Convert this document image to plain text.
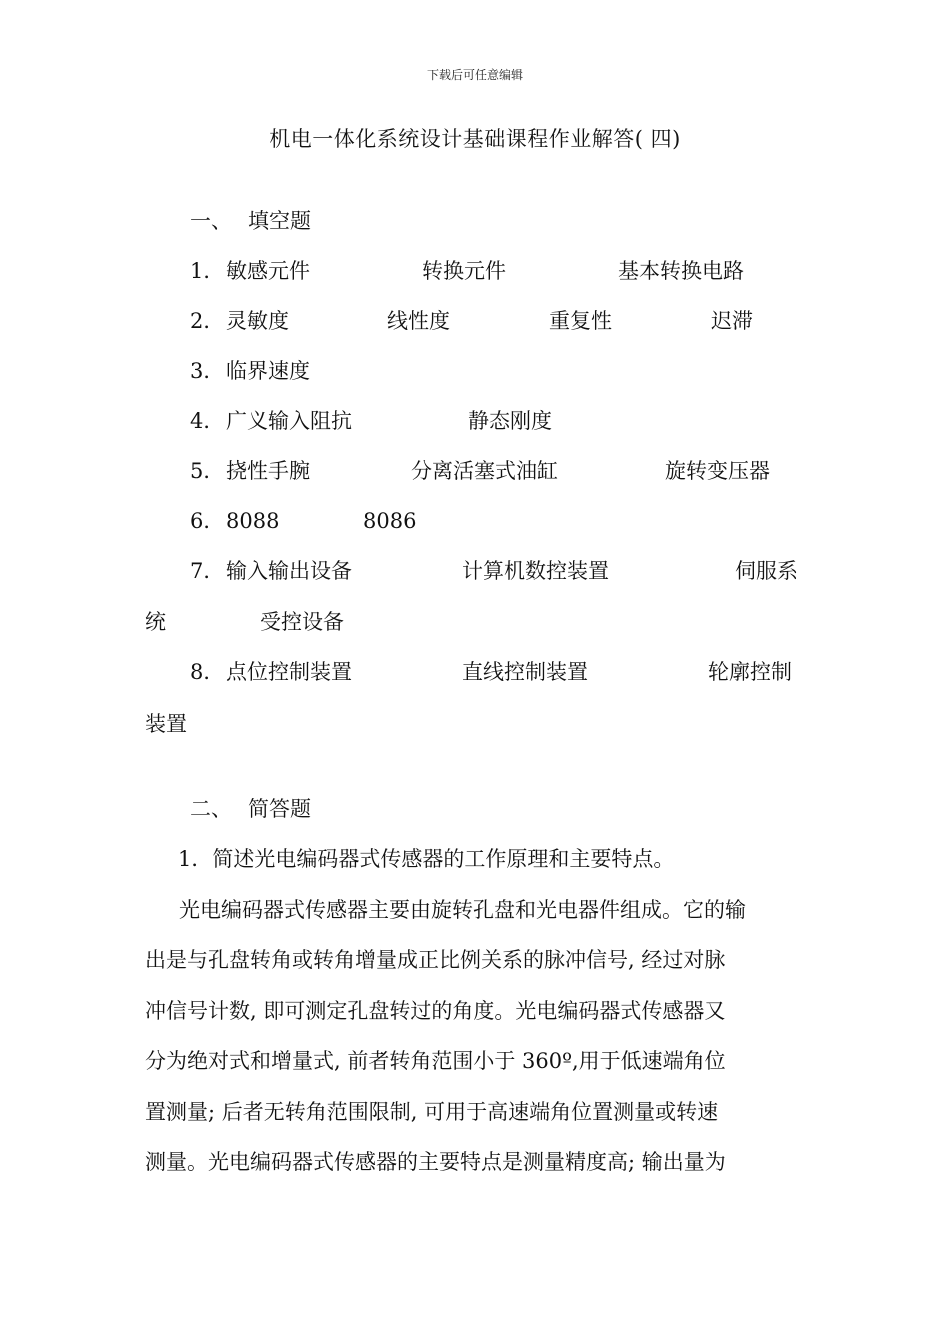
下载后可任意编辑
机电一体化系统设计基础课程作业解答( 四)
一、 填空题
1． 敏感元件	转换元件	基本转换电路
2． 灵敏度	线性度	重复性	迟滞
3． 临界速度
4． 广义输入阻抗	静态刚度
5． 挠性手腕	分离活塞式油缸	旋转变压器
6． 8088	8086
7． 输入输出设备	计算机数控装置	伺服系
统	受控设备
8． 点位控制装置	直线控制装置	轮廓控制
装置
二、 简答题
1．简述光电编码器式传感器的工作原理和主要特点。
光电编码器式传感器主要由旋转孔盘和光电器件组成。它的输
出是与孔盘转角或转角增量成正比例关系的脉冲信号, 经过对脉
冲信号计数, 即可测定孔盘转过的角度。光电编码器式传感器又
分为绝对式和增量式, 前者转角范围小于 360º,用于低速端角位
置测量; 后者无转角范围限制, 可用于高速端角位置测量或转速
测量。光电编码器式传感器的主要特点是测量精度高; 输出量为
